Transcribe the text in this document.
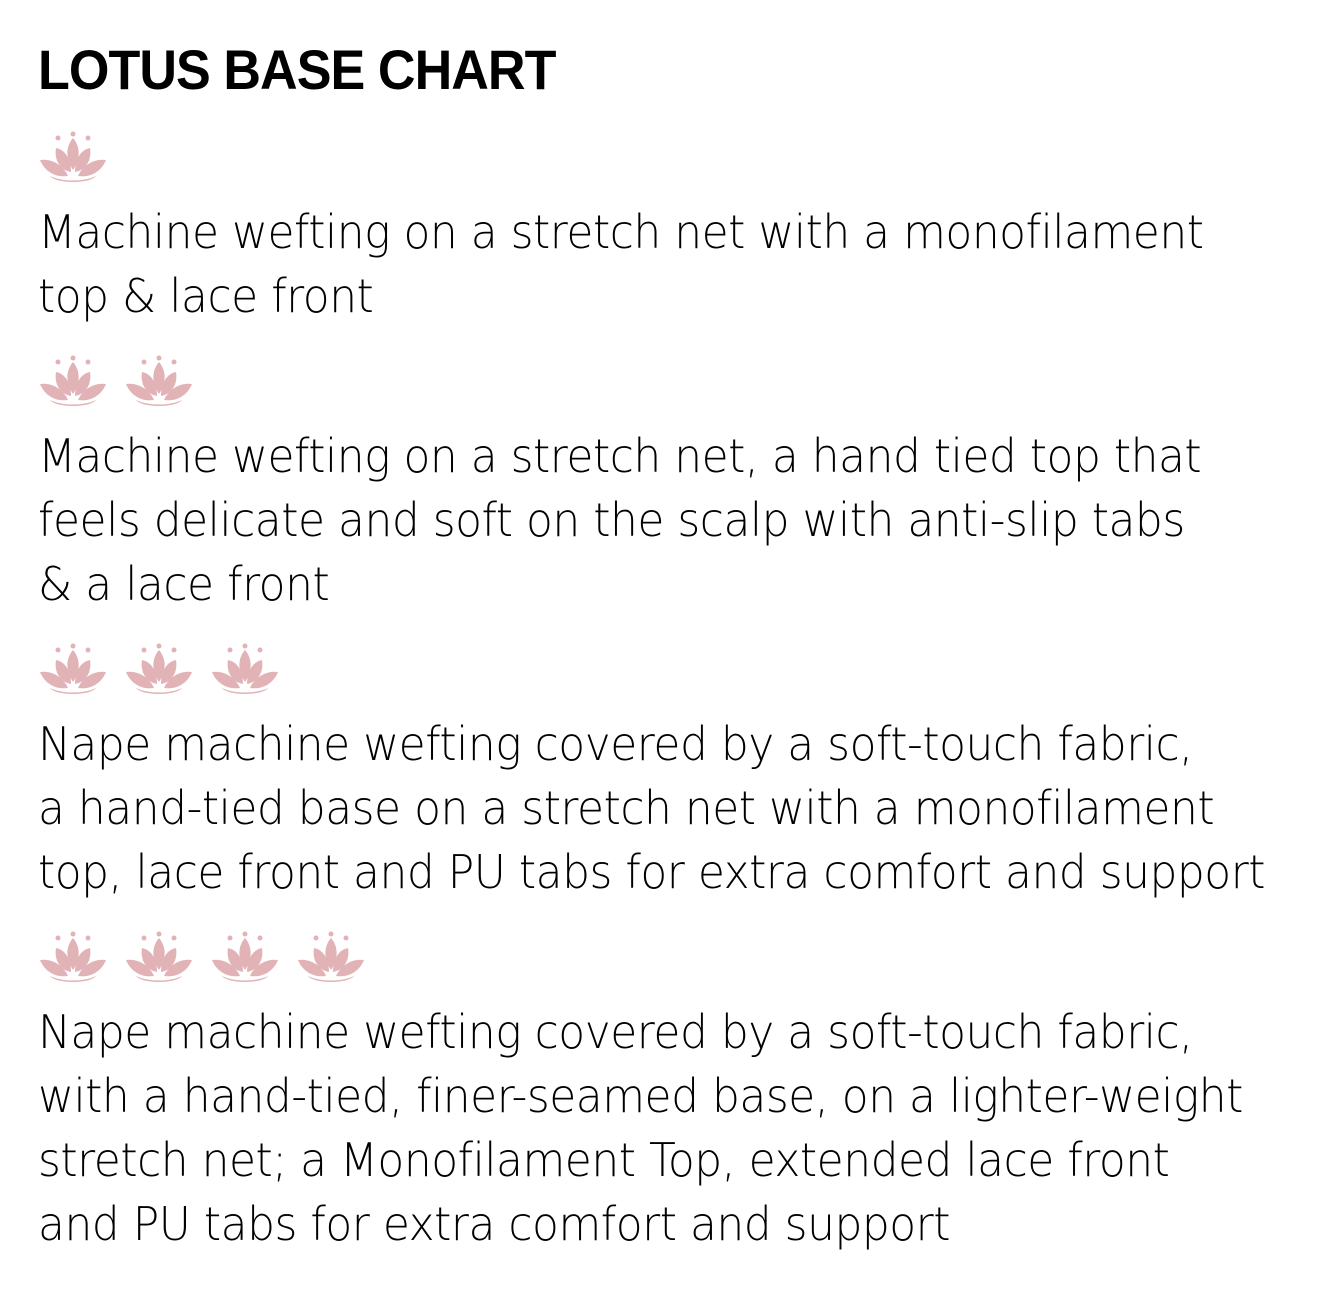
LOTUS BASE CHART

Machine wefting on a stretch net with a monofilament
top & lace front

Machine wefting on a stretch net, a hand tied top that
feels delicate and soft on the scalp with anti-slip tabs
& a lace front

Nape machine wefting covered by a soft-touch fabric,
a hand-tied base on a stretch net with a monofilament
top, lace front and PU tabs for extra comfort and support

Nape machine wefting covered by a soft-touch fabric,
with a hand-tied, finer-seamed base, on a lighter-weight
stretch net; a Monofilament Top, extended lace front
and PU tabs for extra comfort and support
